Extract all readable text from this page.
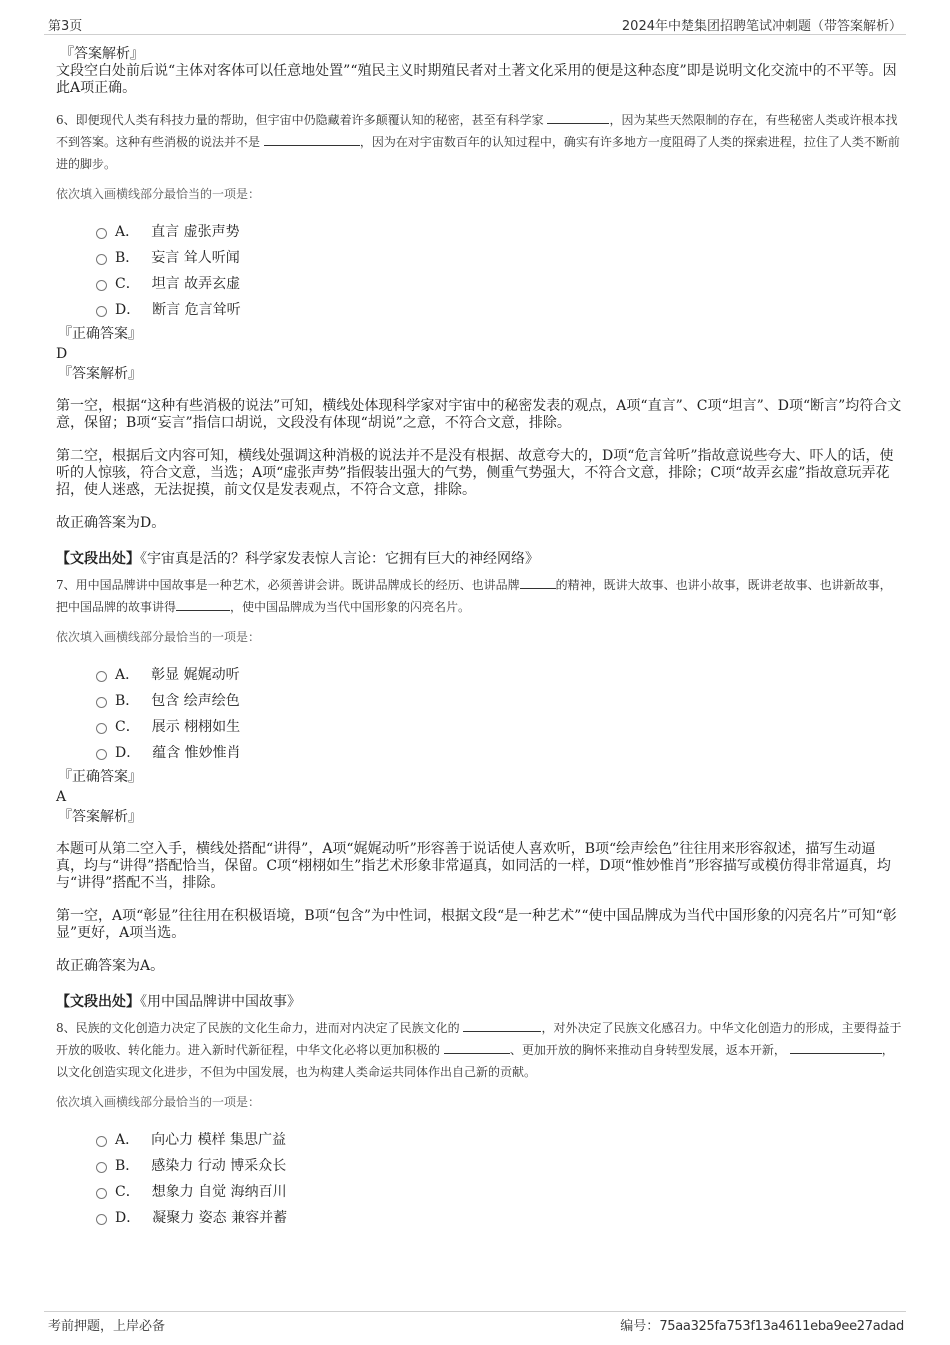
第3页	2024年中楚集团招聘笔试冲刺题（带答案解析）

『答案解析』

文段空白处前后说“主体对客体可以任意地处置”“殖民主义时期殖民者对土著文化采用的便是这种态度”即是说明文化交流中的不平等。因此A项正确。

6、即便现代人类有科技力量的帮助，但宇宙中仍隐藏着许多颠覆认知的秘密，甚至有科学家	，因为某些天然限制的存在，有些秘密人类或许根本找不到答案。这种有些消极的说法并不是	，因为在对宇宙数百年的认知过程中，确实有许多地方一度阻碍了人类的探索进程，拉住了人类不断前进的脚步。

依次填入画横线部分最恰当的一项是：

A． 直言 虚张声势
B． 妄言 耸人听闻
C． 坦言 故弄玄虚
D． 断言 危言耸听

『正确答案』

D

『答案解析』

第一空，根据“这种有些消极的说法”可知，横线处体现科学家对宇宙中的秘密发表的观点，A项“直言”、C项“坦言”、D项“断言”均符合文意，保留；B项“妄言”指信口胡说，文段没有体现“胡说”之意，不符合文意，排除。

第二空，根据后文内容可知，横线处强调这种消极的说法并不是没有根据、故意夸大的，D项“危言耸听”指故意说些夸大、吓人的话，使听的人惊骇，符合文意，当选；A项“虚张声势”指假装出强大的气势，侧重气势强大，不符合文意，排除；C项“故弄玄虚”指故意玩弄花招，使人迷惑，无法捉摸，前文仅是发表观点，不符合文意，排除。

故正确答案为D。

【文段出处】《宇宙真是活的？科学家发表惊人言论：它拥有巨大的神经网络》

7、用中国品牌讲中国故事是一种艺术，必须善讲会讲。既讲品牌成长的经历、也讲品牌	的精神，既讲大故事、也讲小故事，既讲老故事、也讲新故事，把中国品牌的故事讲得	，使中国品牌成为当代中国形象的闪亮名片。

依次填入画横线部分最恰当的一项是：

A． 彰显 娓娓动听
B． 包含 绘声绘色
C． 展示 栩栩如生
D． 蕴含 惟妙惟肖

『正确答案』

A

『答案解析』

本题可从第二空入手，横线处搭配“讲得”，A项“娓娓动听”形容善于说话使人喜欢听，B项“绘声绘色”往往用来形容叙述，描写生动逼真，均与“讲得”搭配恰当，保留。C项“栩栩如生”指艺术形象非常逼真，如同活的一样，D项“惟妙惟肖”形容描写或模仿得非常逼真，均与“讲得”搭配不当，排除。

第一空，A项“彰显”往往用在积极语境，B项“包含”为中性词，根据文段“是一种艺术”“使中国品牌成为当代中国形象的闪亮名片”可知“彰显”更好，A项当选。

故正确答案为A。

【文段出处】《用中国品牌讲中国故事》

8、民族的文化创造力决定了民族的文化生命力，进而对内决定了民族文化的	，对外决定了民族文化感召力。中华文化创造力的形成，主要得益于开放的吸收、转化能力。进入新时代新征程，中华文化必将以更加积极的	、更加开放的胸怀来推动自身转型发展，返本开新，	，以文化创造实现文化进步，不但为中国发展，也为构建人类命运共同体作出自己新的贡献。

依次填入画横线部分最恰当的一项是：

A． 向心力 模样 集思广益
B． 感染力 行动 博采众长
C． 想象力 自觉 海纳百川
D． 凝聚力 姿态 兼容并蓄
考前押题，上岸必备	编号：75aa325fa753f13a4611eba9ee27adad
